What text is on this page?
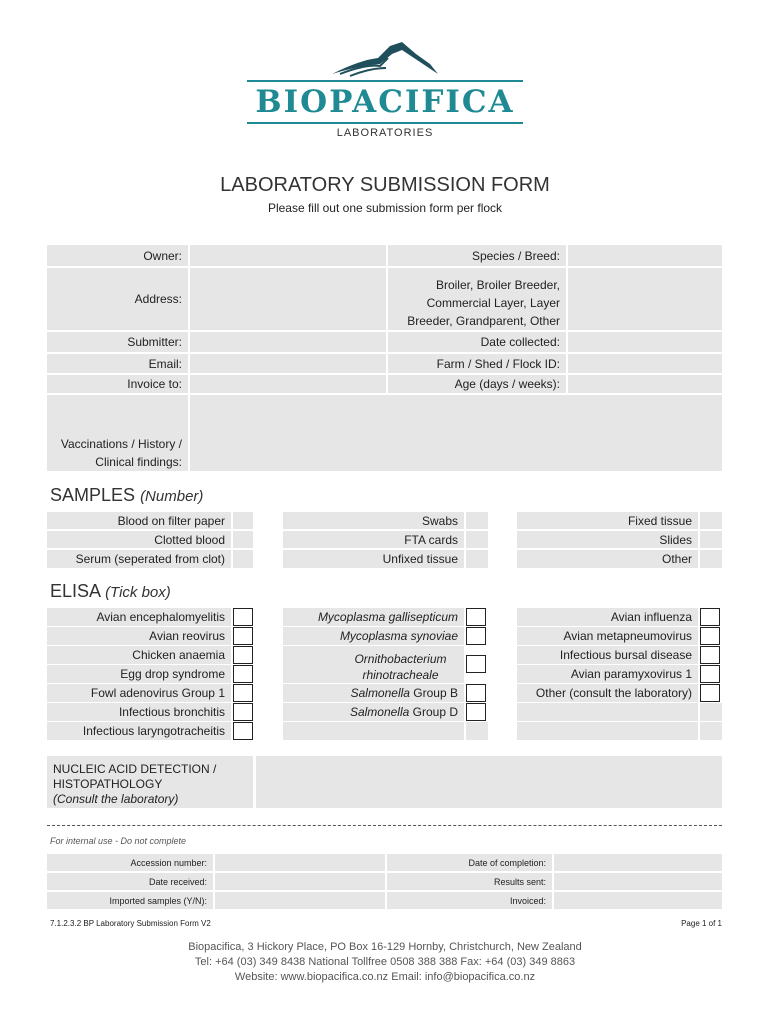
BIOPACIFICA
LABORATORIES
LABORATORY SUBMISSION FORM
Please fill out one submission form per flock
Owner:
Address:
Submitter:
Email:
Invoice to:
Species / Breed:
Broiler, Broiler Breeder,
Commercial Layer, Layer
Breeder, Grandparent, Other
Date collected:
Farm / Shed / Flock ID:
Age (days / weeks):
Vaccinations / History /
Clinical findings:
SAMPLES (Number)
Blood on filter paper
Clotted blood
Serum (seperated from clot)
Swabs
FTA cards
Unfixed tissue
Fixed tissue
Slides
Other
ELISA (Tick box)
Avian encephalomyelitis
Avian reovirus
Chicken anaemia
Egg drop syndrome
Fowl adenovirus Group 1
Infectious bronchitis
Infectious laryngotracheitis
Mycoplasma gallisepticum
Mycoplasma synoviae
Ornithobacterium
rhinotracheale
Salmonella Group B
Salmonella Group D
Avian influenza
Avian metapneumovirus
Infectious bursal disease
Avian paramyxovirus 1
Other (consult the laboratory)
NUCLEIC ACID DETECTION /
HISTOPATHOLOGY
(Consult the laboratory)
For internal use - Do not complete
Accession number:
Date received:
Imported samples (Y/N):
Date of completion:
Results sent:
Invoiced:
7.1.2.3.2 BP Laboratory Submission Form V2	Page 1 of 1
Biopacifica, 3 Hickory Place, PO Box 16-129 Hornby, Christchurch, New Zealand
Tel: +64 (03) 349 8438 National Tollfree 0508 388 388 Fax: +64 (03) 349 8863
Website: www.biopacifica.co.nz Email: info@biopacifica.co.nz
